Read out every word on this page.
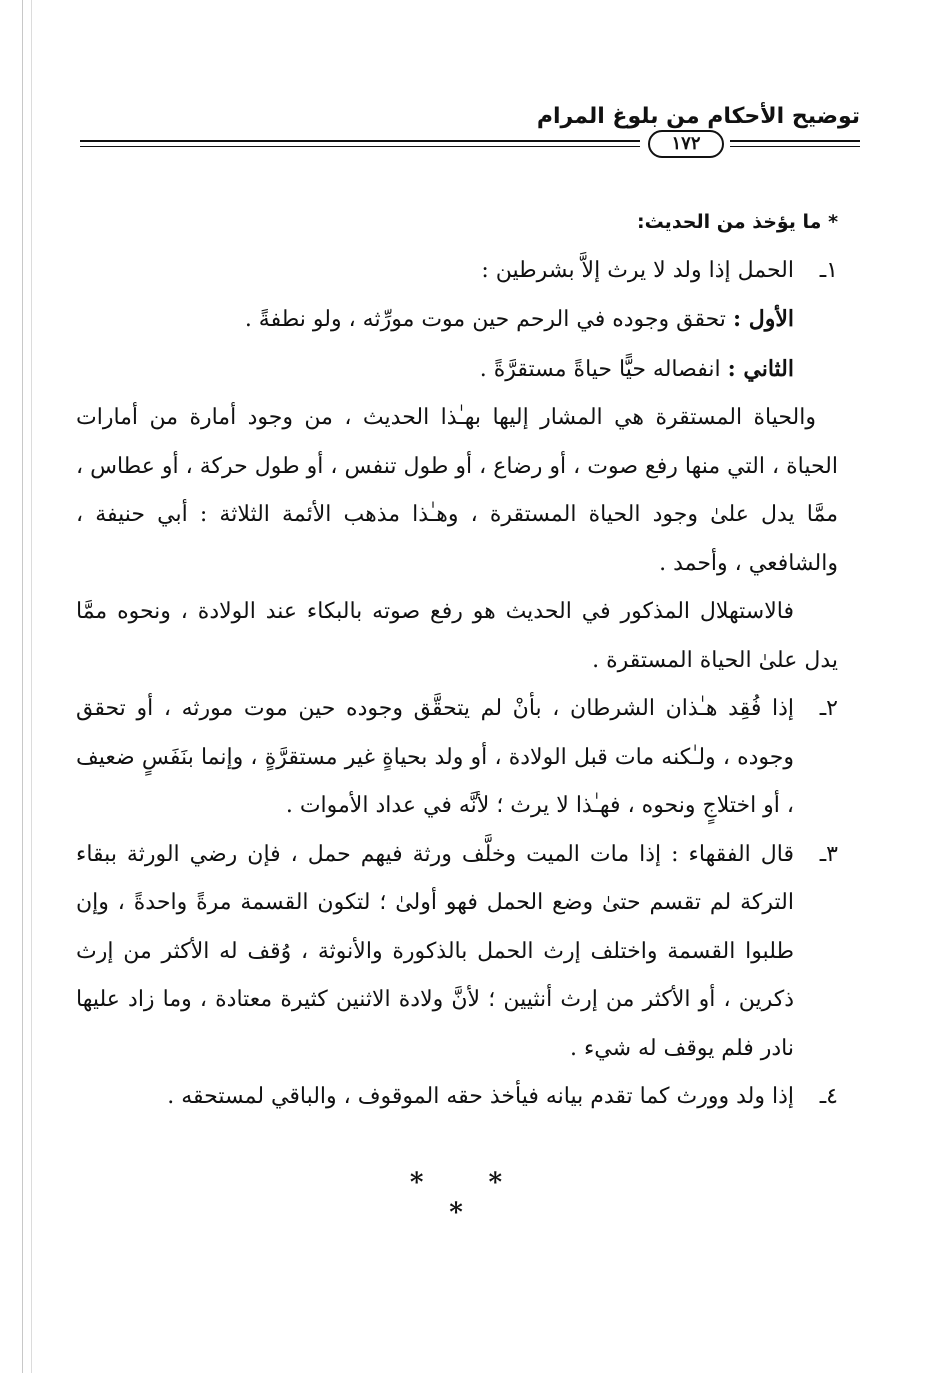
توضيح الأحكام من بلوغ المرام
١٧٢

* ما يؤخذ من الحديث:

١ـالحمل إذا ولد لا يرث إلاَّ بشرطين :

الأول : تحقق وجوده في الرحم حين موت مورِّثه ، ولو نطفةً .

الثاني : انفصاله حيًّا حياةً مستقرَّةً .

والحياة المستقرة هي المشار إليها بهـٰذا الحديث ، من وجود أمارة من أمارات الحياة ، التي منها رفع صوت ، أو رضاع ، أو طول تنفس ، أو طول حركة ، أو عطاس ، ممَّا يدل علىٰ وجود الحياة المستقرة ، وهـٰذا مذهب الأئمة الثلاثة : أبي حنيفة ، والشافعي ، وأحمد .

فالاستهلال المذكور في الحديث هو رفع صوته بالبكاء عند الولادة ، ونحوه ممَّا يدل علىٰ الحياة المستقرة .

٢ـإذا فُقِد هـٰذان الشرطان ، بأنْ لم يتحقَّق وجوده حين موت مورثه ، أو تحقق وجوده ، ولـٰكنه مات قبل الولادة ، أو ولد بحياةٍ غير مستقرَّةٍ ، وإنما بنَفَسٍ ضعيف ، أو اختلاجٍ ونحوه ، فهـٰذا لا يرث ؛ لأنَّه في عداد الأموات .

٣ـقال الفقهاء : إذا مات الميت وخلَّف ورثة فيهم حمل ، فإن رضي الورثة ببقاء التركة لم تقسم حتىٰ وضع الحمل فهو أولىٰ ؛ لتكون القسمة مرةً واحدةً ، وإن طلبوا القسمة واختلف إرث الحمل بالذكورة والأنوثة ، وُقف له الأكثر من إرث ذكرين ، أو الأكثر من إرث أنثيين ؛ لأنَّ ولادة الاثنين كثيرة معتادة ، وما زاد عليها نادر فلم يوقف له شيء .

٤ـإذا ولد وورث كما تقدم بيانه فيأخذ حقه الموقوف ، والباقي لمستحقه .

* * *
